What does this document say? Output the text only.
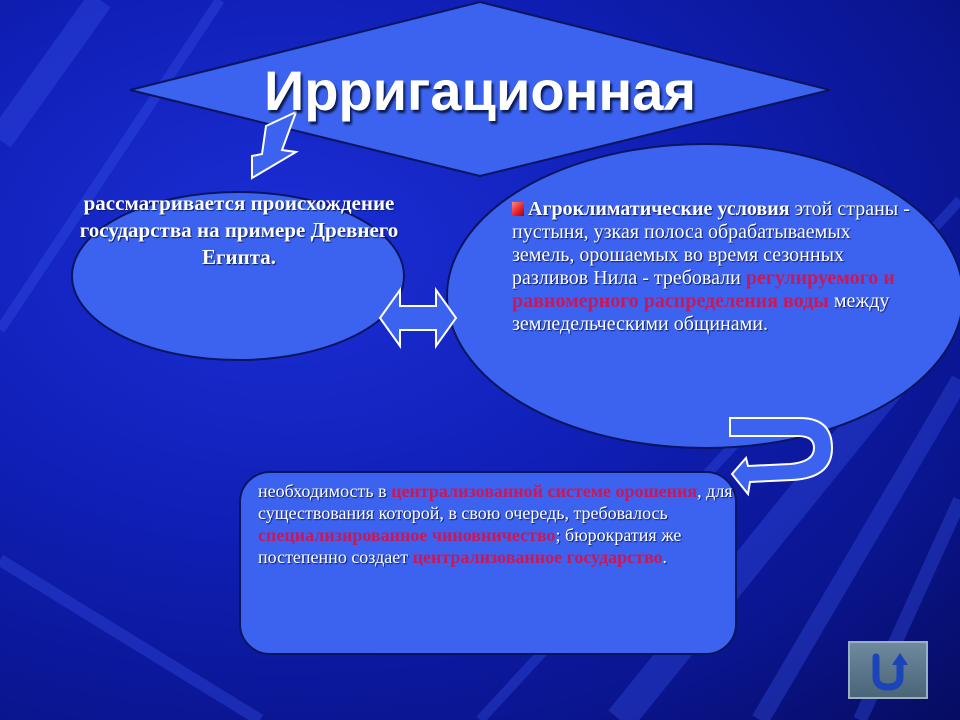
Ирригационная
рассматривается происхождение государства на примере Древнего Египта.
Агроклиматические условия этой страны - пустыня, узкая полоса обрабатываемых земель, орошаемых во время сезонных разливов Нила - требовали регулируемого и равномерного распределения воды между земледельческими общинами.
необходимость в централизованной системе орошения, для существования которой, в свою очередь, требовалось специализированное чиновничество; бюрократия же постепенно создает централизованное государство.
